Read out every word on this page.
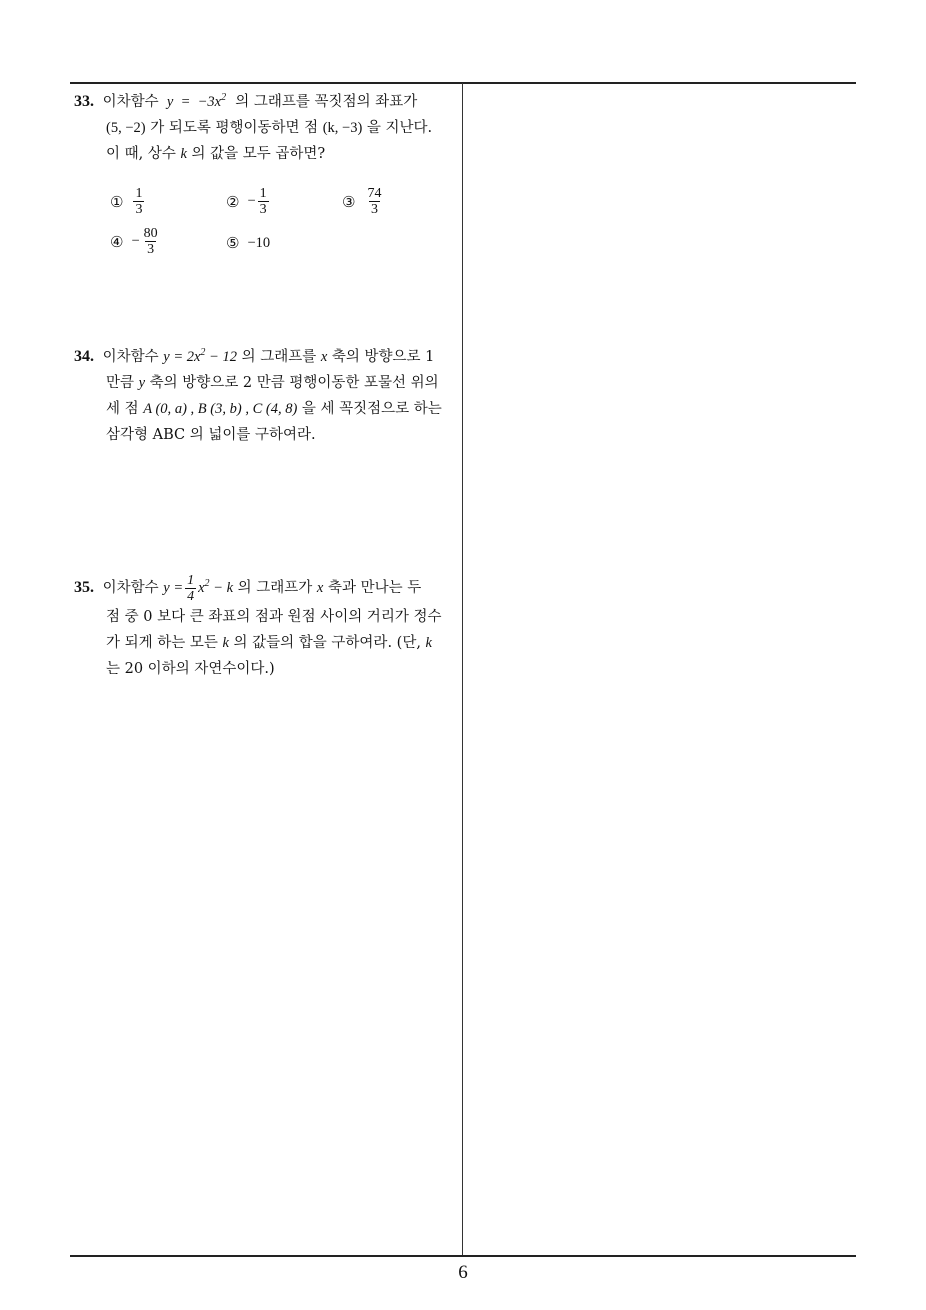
33. 이차함수  $y = -3x^2$ 의 그래프를 꼭짓점의 좌표가
(5, −2) 가 되도록 평행이동하면 점 (k, −3) 을 지난다.
이 때, 상수 k 의 값을 모두 곱하면?
① $\frac{1}{3}$	② − $\frac{1}{3}$	③ $\frac{74}{3}$
④ − $\frac{80}{3}$	⑤ −10
34. 이차함수 $y = 2x^2 - 12$ 의 그래프를 x 축의 방향으로 1
만큼 y 축의 방향으로 2 만큼 평행이동한 포물선 위의
세 점 A (0, a) , B (3, b) , C (4, 8) 을 세 꼭짓점으로 하는
삼각형 ABC 의 넓이를 구하여라.
35. 이차함수 $y = \frac{1}{4} x^2 - k$ 의 그래프가 x 축과 만나는 두
점 중 0 보다 큰 좌표의 점과 원점 사이의 거리가 정수
가 되게 하는 모든 k 의 값들의 합을 구하여라. (단, k
는 20 이하의 자연수이다.)
6
